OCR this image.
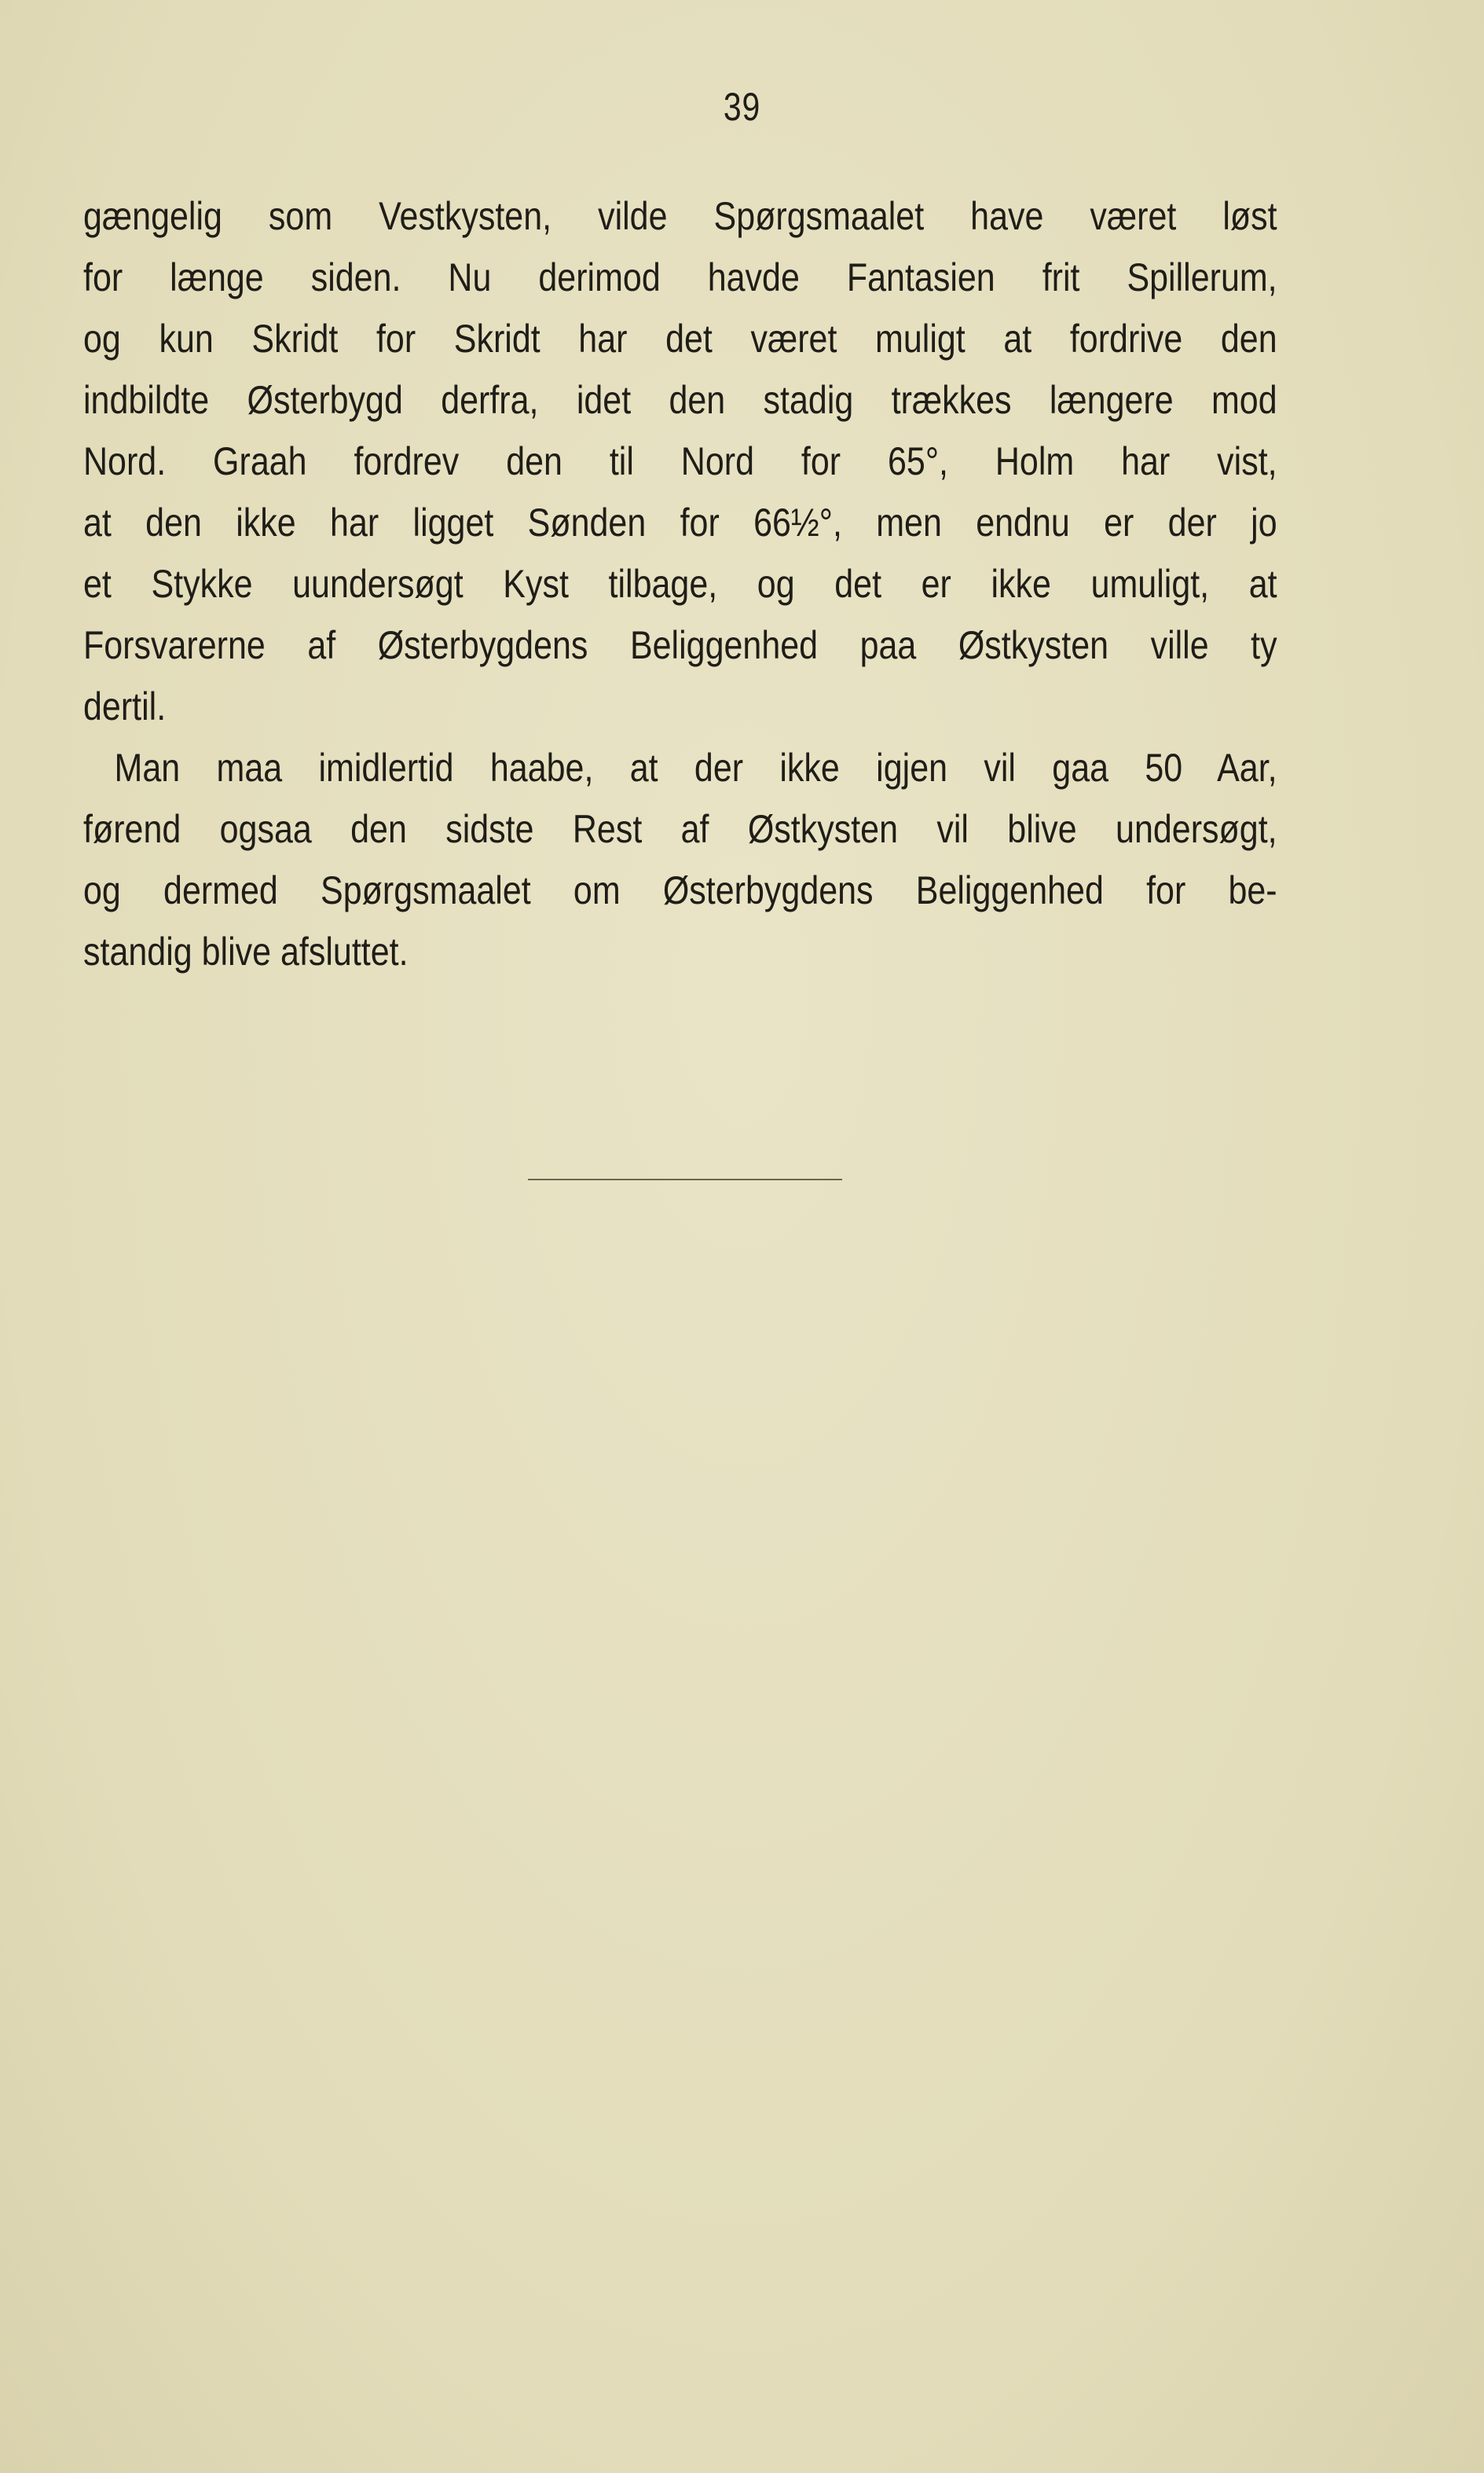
39
gængelig som Vestkysten, vilde Spørgsmaalet have været løst
for længe siden. Nu derimod havde Fantasien frit Spillerum,
og kun Skridt for Skridt har det været muligt at fordrive den
indbildte Østerbygd derfra, idet den stadig trækkes længere mod
Nord. Graah fordrev den til Nord for 65°, Holm har vist,
at den ikke har ligget Sønden for 66½°, men endnu er der jo
et Stykke uundersøgt Kyst tilbage, og det er ikke umuligt, at
Forsvarerne af Østerbygdens Beliggenhed paa Østkysten ville ty
dertil.
Man maa imidlertid haabe, at der ikke igjen vil gaa 50 Aar,
førend ogsaa den sidste Rest af Østkysten vil blive undersøgt,
og dermed Spørgsmaalet om Østerbygdens Beliggenhed for be-
standig blive afsluttet.
